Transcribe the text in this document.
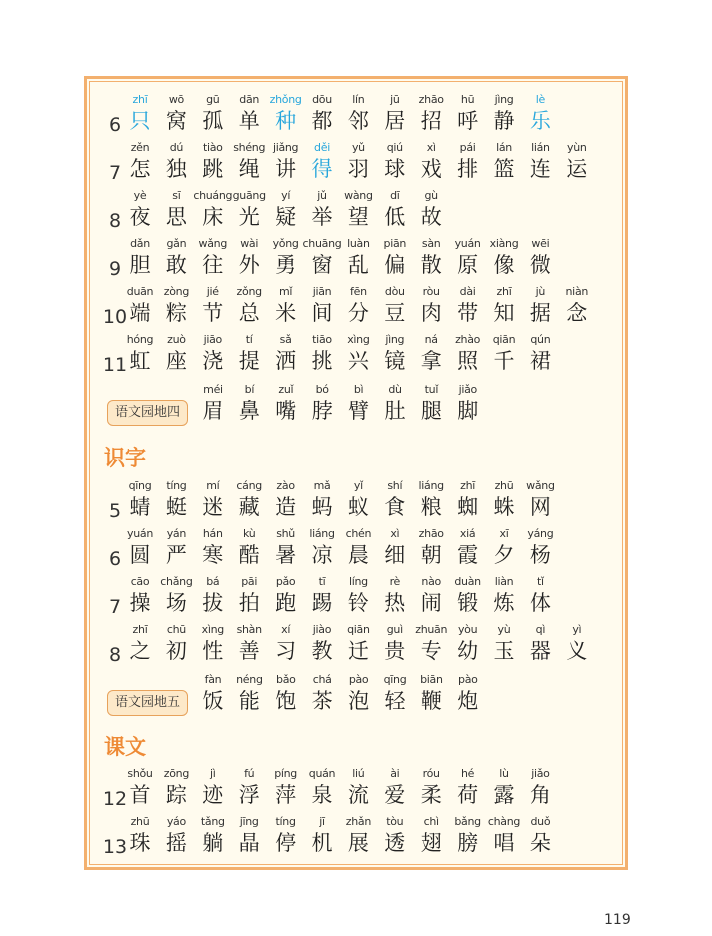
6
zhī
只
wō
窝
gū
孤
dān
单
zhǒng
种
dōu
都
lín
邻
jū
居
zhāo
招
hū
呼
jìng
静
lè
乐
7
zěn
怎
dú
独
tiào
跳
shéng
绳
jiǎng
讲
děi
得
yǔ
羽
qiú
球
xì
戏
pái
排
lán
篮
lián
连
yùn
运
8
yè
夜
sī
思
chuáng
床
guāng
光
yí
疑
jǔ
举
wàng
望
dī
低
gù
故
9
dǎn
胆
gǎn
敢
wǎng
往
wài
外
yǒng
勇
chuāng
窗
luàn
乱
piān
偏
sàn
散
yuán
原
xiàng
像
wēi
微
10
duān
端
zòng
粽
jié
节
zǒng
总
mǐ
米
jiān
间
fēn
分
dòu
豆
ròu
肉
dài
带
zhī
知
jù
据
niàn
念
11
hóng
虹
zuò
座
jiāo
浇
tí
提
sǎ
洒
tiāo
挑
xìng
兴
jìng
镜
ná
拿
zhào
照
qiān
千
qún
裙
语文园地四
méi
眉
bí
鼻
zuǐ
嘴
bó
脖
bì
臂
dù
肚
tuǐ
腿
jiǎo
脚
识字
5
qīng
蜻
tíng
蜓
mí
迷
cáng
藏
zào
造
mǎ
蚂
yǐ
蚁
shí
食
liáng
粮
zhī
蜘
zhū
蛛
wǎng
网
6
yuán
圆
yán
严
hán
寒
kù
酷
shǔ
暑
liáng
凉
chén
晨
xì
细
zhāo
朝
xiá
霞
xī
夕
yáng
杨
7
cāo
操
chǎng
场
bá
拔
pāi
拍
pǎo
跑
tī
踢
líng
铃
rè
热
nào
闹
duàn
锻
liàn
炼
tǐ
体
8
zhī
之
chū
初
xìng
性
shàn
善
xí
习
jiào
教
qiān
迁
guì
贵
zhuān
专
yòu
幼
yù
玉
qì
器
yì
义
语文园地五
fàn
饭
néng
能
bǎo
饱
chá
茶
pào
泡
qīng
轻
biān
鞭
pào
炮
课文
12
shǒu
首
zōng
踪
jì
迹
fú
浮
píng
萍
quán
泉
liú
流
ài
爱
róu
柔
hé
荷
lù
露
jiǎo
角
13
zhū
珠
yáo
摇
tǎng
躺
jīng
晶
tíng
停
jī
机
zhǎn
展
tòu
透
chì
翅
bǎng
膀
chàng
唱
duǒ
朵
119
